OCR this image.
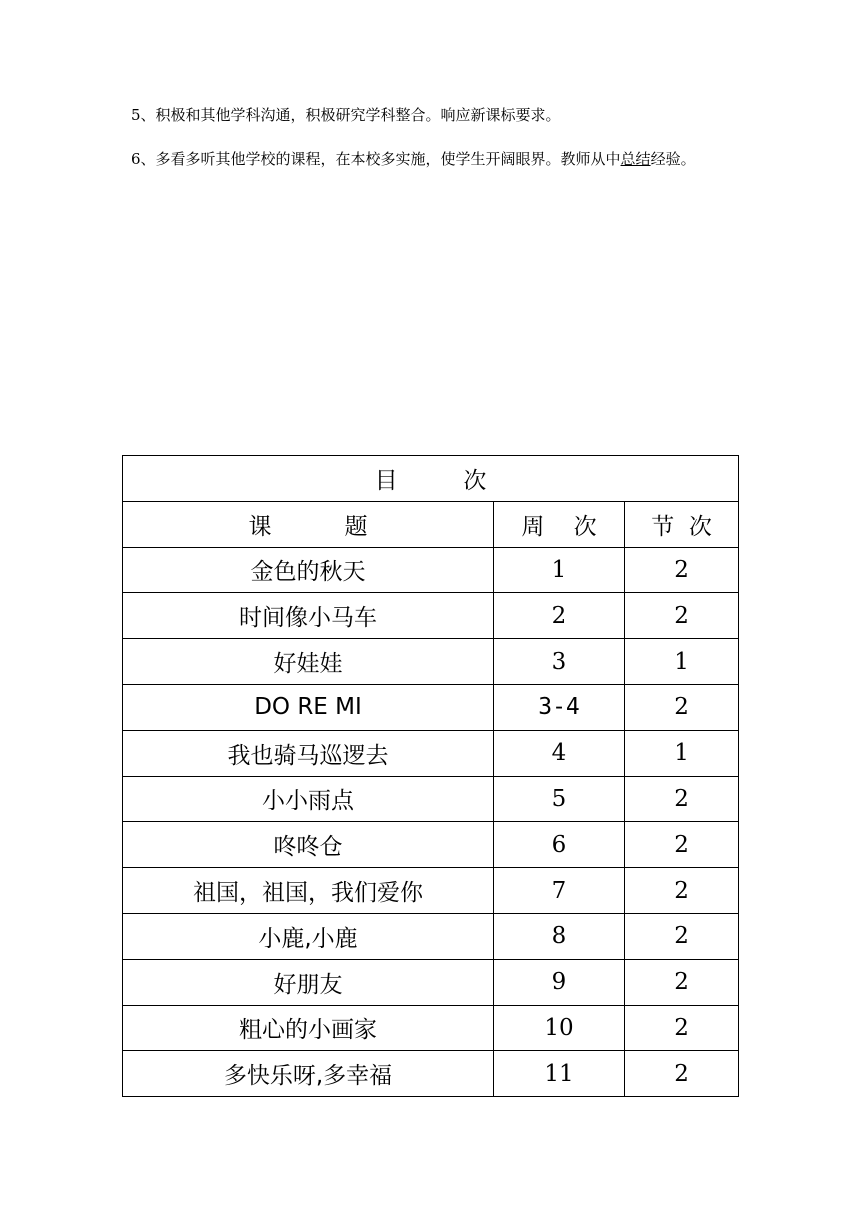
5、积极和其他学科沟通，积极研究学科整合。响应新课标要求。

6、多看多听其他学校的课程，在本校多实施，使学生开阔眼界。教师从中总结经验。

目         次		
课          题	周    次	节  次
金色的秋天	1	2
时间像小马车	2	2
好娃娃	3	1
DO RE MI	3-4	2
我也骑马巡逻去	4	1
小小雨点	5	2
咚咚仓	6	2
祖国，祖国，我们爱你	7	2
小鹿,小鹿	8	2
好朋友	9	2
粗心的小画家	10	2
多快乐呀,多幸福	11	2
